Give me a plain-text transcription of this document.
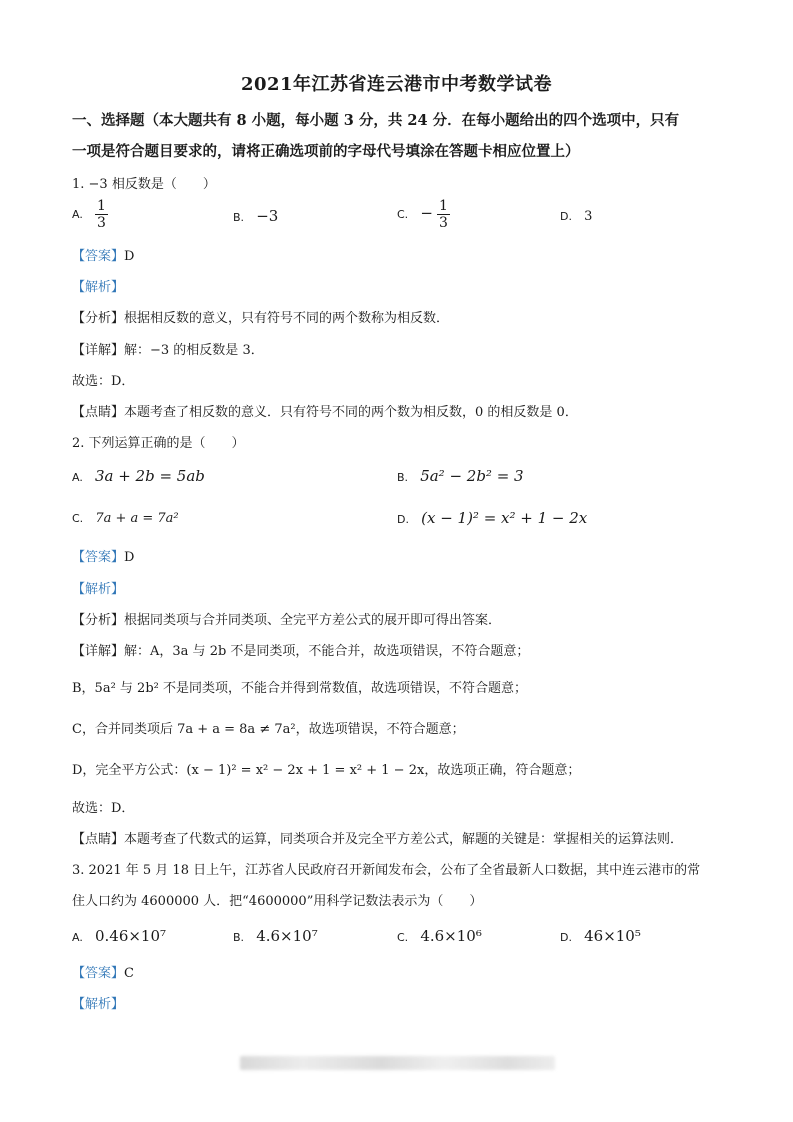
2021年江苏省连云港市中考数学试卷
一、选择题（本大题共有 8 小题，每小题 3 分，共 24 分．在每小题给出的四个选项中，只有
一项是符合题目要求的，请将正确选项前的字母代号填涂在答题卡相应位置上）
1. −3 相反数是（　　）
A. $\frac{1}{3}$	B. −3	C. − $\frac{1}{3}$	D. 3
【答案】D
【解析】
【分析】根据相反数的意义，只有符号不同的两个数称为相反数．
【详解】解：−3 的相反数是 3．
故选：D．
【点睛】本题考查了相反数的意义．只有符号不同的两个数为相反数，0 的相反数是 0．
2. 下列运算正确的是（　　）
A. 3a + 2b = 5ab	B. 5a² − 2b² = 3
C. 7a + a = 7a²	D. (x − 1)² = x² + 1 − 2x
【答案】D
【解析】
【分析】根据同类项与合并同类项、全完平方差公式的展开即可得出答案．
【详解】解：A，3a 与 2b 不是同类项，不能合并，故选项错误，不符合题意；
B，5a² 与 2b² 不是同类项，不能合并得到常数值，故选项错误，不符合题意；
C，合并同类项后 7a + a = 8a ≠ 7a²，故选项错误，不符合题意；
D，完全平方公式：(x − 1)² = x² − 2x + 1 = x² + 1 − 2x，故选项正确，符合题意；
故选：D．
【点睛】本题考查了代数式的运算，同类项合并及完全平方差公式，解题的关键是：掌握相关的运算法则．
3. 2021 年 5 月 18 日上午，江苏省人民政府召开新闻发布会，公布了全省最新人口数据，其中连云港市的常
住人口约为 4600000 人．把“4600000”用科学记数法表示为（　　）
A. 0.46×10⁷	B. 4.6×10⁷	C. 4.6×10⁶	D. 46×10⁵
【答案】C
【解析】
